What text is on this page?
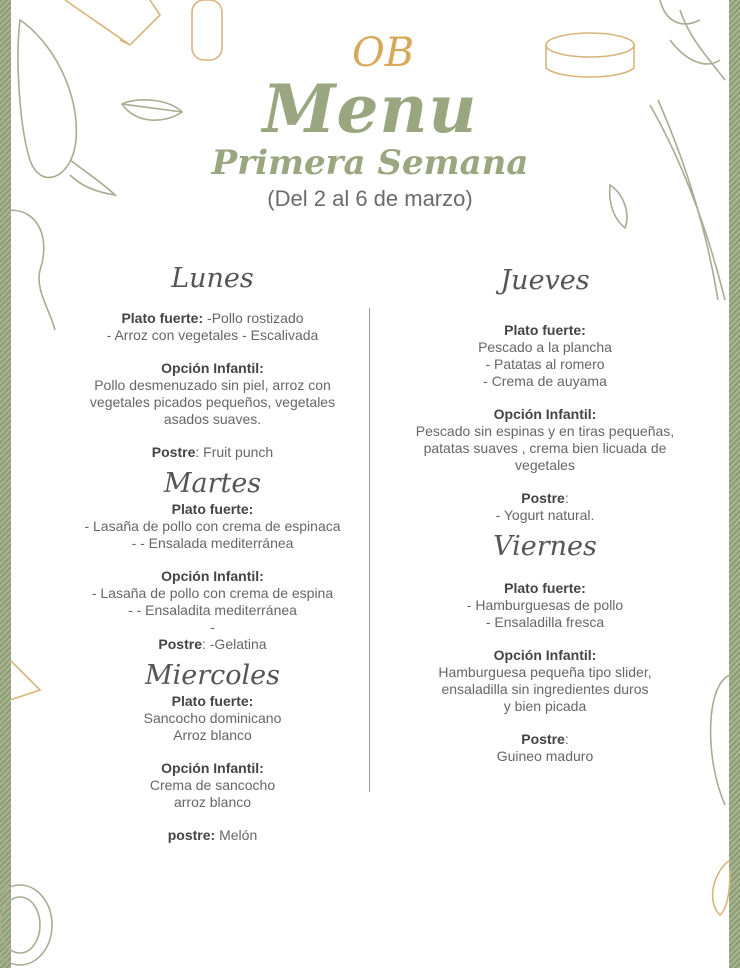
OB
Menu
Primera Semana
(Del 2 al 6 de marzo)
Lunes

Plato fuerte: -Pollo rostizado

- Arroz con vegetales - Escalivada

Opción Infantil:

Pollo desmenuzado sin piel, arroz con

vegetales picados pequeños, vegetales

asados suaves.

Postre: Fruit punch

Martes

Plato fuerte:

- Lasaña de pollo con crema de espinaca

- - Ensalada mediterránea

Opción Infantil:

- Lasaña de pollo con crema de espina

- - Ensaladita mediterránea

-

Postre: -Gelatina

Miercoles

Plato fuerte:

Sancocho dominicano

Arroz blanco

Opción Infantil:

Crema de sancocho

arroz blanco

postre: Melón

Jueves

Plato fuerte:

Pescado a la plancha

- Patatas al romero

- Crema de auyama

Opción Infantil:

Pescado sin espinas y en tiras pequeñas,

patatas suaves , crema bien licuada de

vegetales

Postre:

- Yogurt natural.

Viernes

Plato fuerte:

- Hamburguesas de pollo

- Ensaladilla fresca

Opción Infantil:

Hamburguesa pequeña tipo slider,

ensaladilla sin ingredientes duros

y bien picada

Postre:

Guineo maduro
